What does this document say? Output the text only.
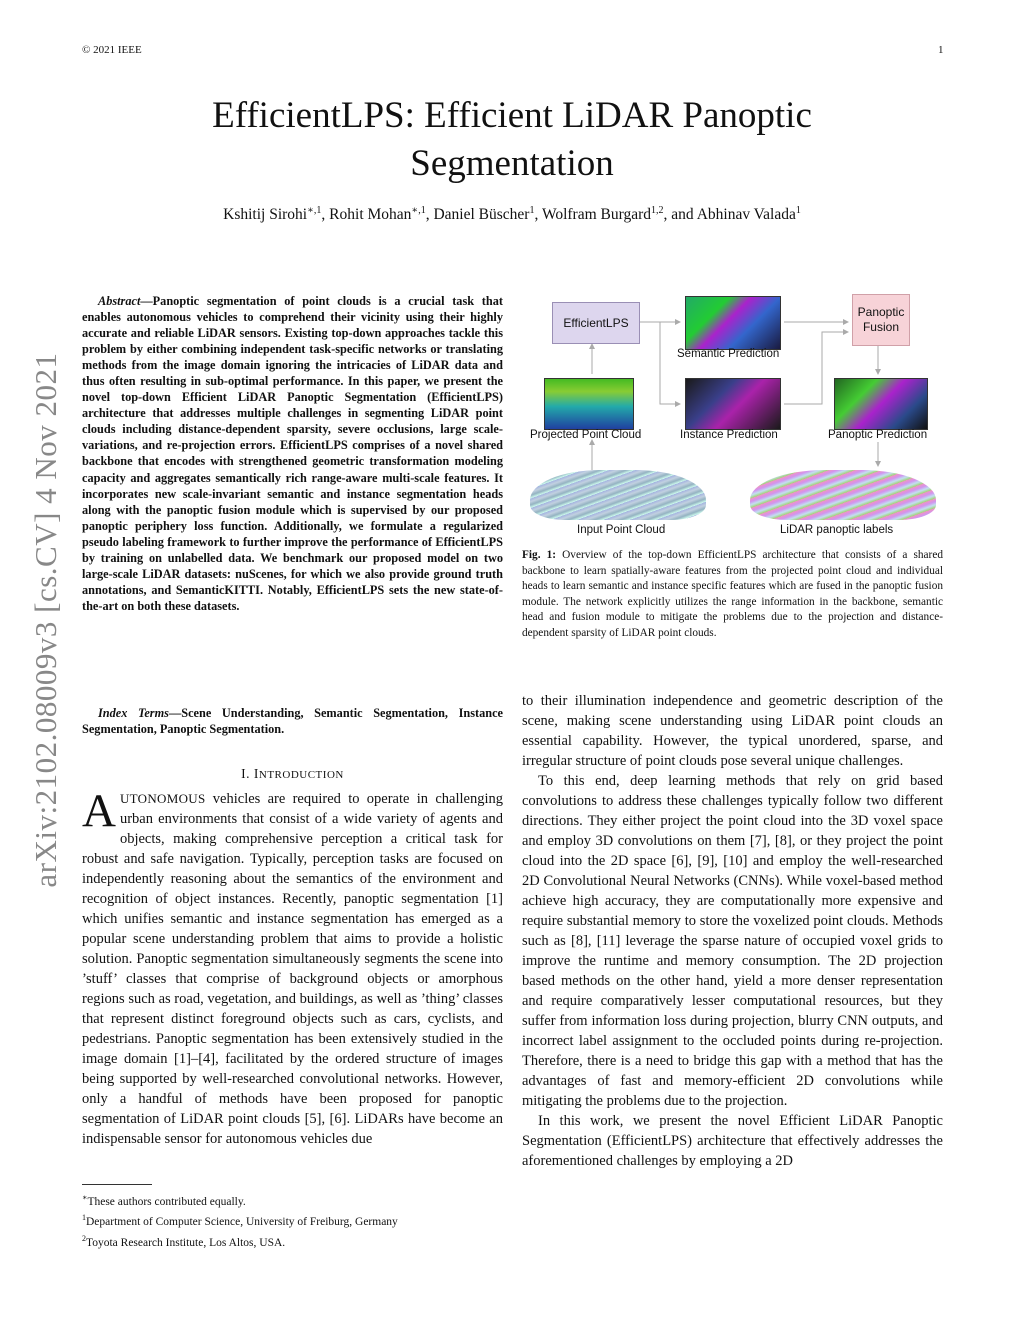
© 2021 IEEE	1
arXiv:2102.08009v3 [cs.CV] 4 Nov 2021
EfficientLPS: Efficient LiDAR Panoptic
Segmentation
Kshitij Sirohi$^{∗,1}$, Rohit Mohan$^{∗,1}$, Daniel Büscher$^1$, Wolfram Burgard$^{1,2}$, and Abhinav Valada$^1$
Abstract—Panoptic segmentation of point clouds is a crucial task that enables autonomous vehicles to comprehend their vicinity using their highly accurate and reliable LiDAR sensors. Existing top-down approaches tackle this problem by either combining independent task-specific networks or translating methods from the image domain ignoring the intricacies of LiDAR data and thus often resulting in sub-optimal performance. In this paper, we present the novel top-down Efficient LiDAR Panoptic Segmentation (EfficientLPS) architecture that addresses multiple challenges in segmenting LiDAR point clouds including distance-dependent sparsity, severe occlusions, large scale-variations, and re-projection errors. EfficientLPS comprises of a novel shared backbone that encodes with strengthened geometric transformation modeling capacity and aggregates semantically rich range-aware multi-scale features. It incorporates new scale-invariant semantic and instance segmentation heads along with the panoptic fusion module which is supervised by our proposed panoptic periphery loss function. Additionally, we formulate a regularized pseudo labeling framework to further improve the performance of EfficientLPS by training on unlabelled data. We benchmark our proposed model on two large-scale LiDAR datasets: nuScenes, for which we also provide ground truth annotations, and SemanticKITTI. Notably, EfficientLPS sets the new state-of-the-art on both these datasets.
Index Terms—Scene Understanding, Semantic Segmentation, Instance Segmentation, Panoptic Segmentation.
I. INTRODUCTION
AUTONOMOUS vehicles are required to operate in challenging urban environments that consist of a wide variety of agents and objects, making comprehensive perception a critical task for robust and safe navigation. Typically, perception tasks are focused on independently reasoning about the semantics of the environment and recognition of object instances. Recently, panoptic segmentation [1] which unifies semantic and instance segmentation has emerged as a popular scene understanding problem that aims to provide a holistic solution. Panoptic segmentation simultaneously segments the scene into ’stuff’ classes that comprise of background objects or amorphous regions such as road, vegetation, and buildings, as well as ’thing’ classes that represent distinct foreground objects such as cars, cyclists, and pedestrians. Panoptic segmentation has been extensively studied in the image domain [1]–[4], facilitated by the ordered structure of images being supported by well-researched convolutional networks. However, only a handful of methods have been proposed for panoptic segmentation of LiDAR point clouds [5], [6]. LiDARs have become an indispensable sensor for autonomous vehicles due
∗These authors contributed equally.
$^1$Department of Computer Science, University of Freiburg, Germany
$^2$Toyota Research Institute, Los Altos, USA.
EfficientLPS
Semantic Prediction
Panoptic
Fusion
Projected Point Cloud	Instance Prediction	Panoptic Prediction
Input Point Cloud	LiDAR panoptic labels
Fig. 1: Overview of the top-down EfficientLPS architecture that consists of a shared backbone to learn spatially-aware features from the projected point cloud and individual heads to learn semantic and instance specific features which are fused in the panoptic fusion module. The network explicitly utilizes the range information in the backbone, semantic head and fusion module to mitigate the problems due to the projection and distance-dependent sparsity of LiDAR point clouds.

to their illumination independence and geometric description of the scene, making scene understanding using LiDAR point clouds an essential capability. However, the typical unordered, sparse, and irregular structure of point clouds pose several unique challenges.

To this end, deep learning methods that rely on grid based convolutions to address these challenges typically follow two different directions. They either project the point cloud into the 3D voxel space and employ 3D convolutions on them [7], [8], or they project the point cloud into the 2D space [6], [9], [10] and employ the well-researched 2D Convolutional Neural Networks (CNNs). While voxel-based method achieve high accuracy, they are computationally more expensive and require substantial memory to store the voxelized point clouds. Methods such as [8], [11] leverage the sparse nature of occupied voxel grids to improve the runtime and memory consumption. The 2D projection based methods on the other hand, yield a more denser representation and require comparatively lesser computational resources, but they suffer from information loss during projection, blurry CNN outputs, and incorrect label assignment to the occluded points during re-projection. Therefore, there is a need to bridge this gap with a method that has the advantages of fast and memory-efficient 2D convolutions while mitigating the problems due to the projection.

In this work, we present the novel Efficient LiDAR Panoptic Segmentation (EfficientLPS) architecture that effectively addresses the aforementioned challenges by employing a 2D
